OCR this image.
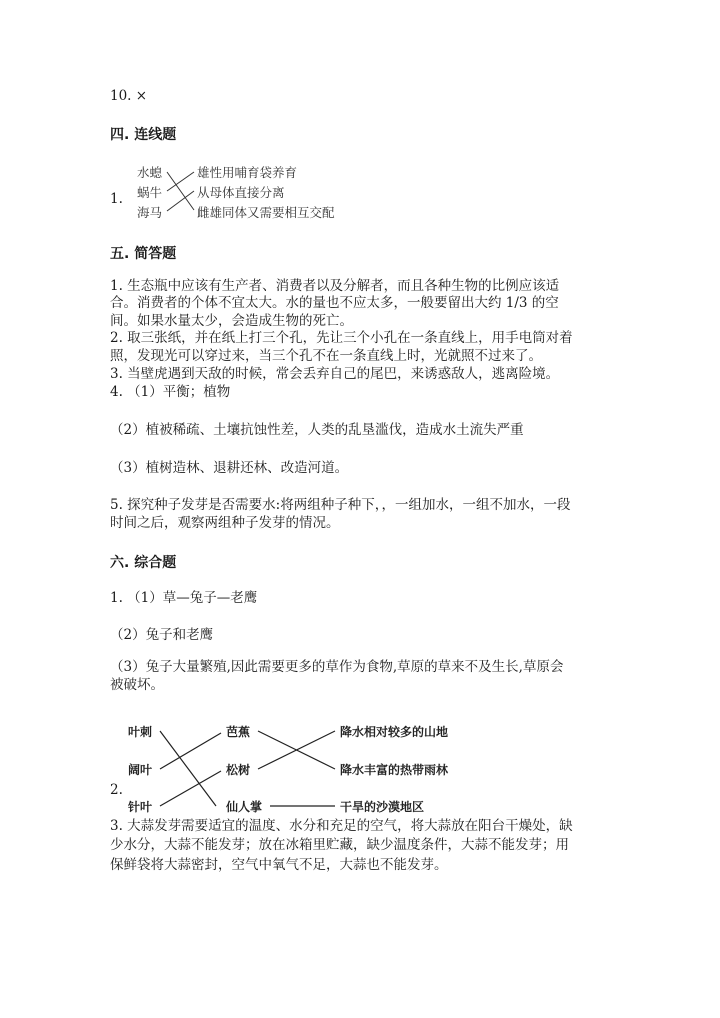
10. ×
四. 连线题
1.
水螅
蜗牛
海马
雄性用哺育袋养育
从母体直接分离
雌雄同体又需要相互交配
五. 简答题
1. 生态瓶中应该有生产者、消费者以及分解者，而且各种生物的比例应该适
合。消费者的个体不宜太大。水的量也不应太多，一般要留出大约 1/3 的空
间。如果水量太少，会造成生物的死亡。
2. 取三张纸，并在纸上打三个孔，先让三个小孔在一条直线上，用手电筒对着
照，发现光可以穿过来，当三个孔不在一条直线上时，光就照不过来了。
3. 当壁虎遇到天敌的时候，常会丢弃自己的尾巴，来诱惑敌人，逃离险境。
4. （1）平衡；植物
（2）植被稀疏、土壤抗蚀性差，人类的乱垦滥伐，造成水土流失严重
（3）植树造林、退耕还林、改造河道。
5. 探究种子发芽是否需要水:将两组种子种下，，一组加水，一组不加水，一段
时间之后，观察两组种子发芽的情况。
六. 综合题
1. （1）草—兔子—老鹰
（2）兔子和老鹰
（3）兔子大量繁殖,因此需要更多的草作为食物,草原的草来不及生长,草原会
被破坏。
2.
叶刺
阔叶
针叶
芭蕉
松树
仙人掌
降水相对较多的山地
降水丰富的热带雨林
干旱的沙漠地区
3. 大蒜发芽需要适宜的温度、水分和充足的空气，将大蒜放在阳台干燥处，缺
少水分，大蒜不能发芽；放在冰箱里贮藏，缺少温度条件，大蒜不能发芽；用
保鲜袋将大蒜密封，空气中氧气不足，大蒜也不能发芽。
